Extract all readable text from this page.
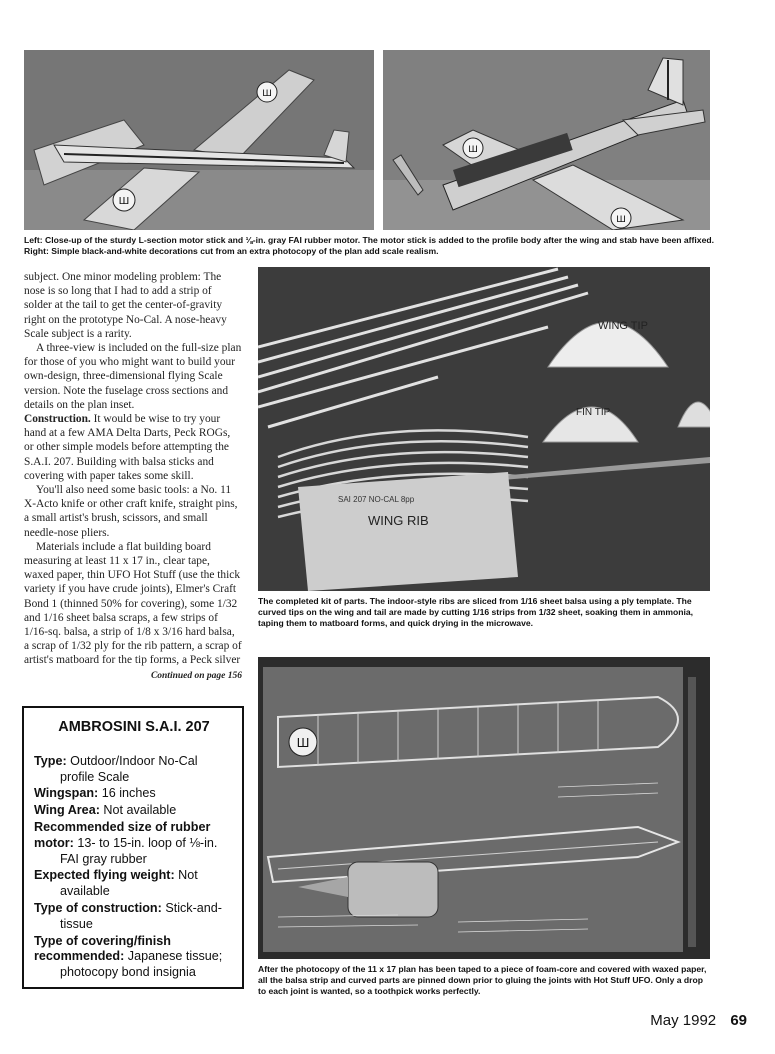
Ш
Ш
Ш
Ш

Left: Close-up of the sturdy L-section motor stick and ⅛-in. gray FAI rubber motor. The motor stick is added to the profile body after the wing and stab have been affixed. Right: Simple black-and-white decorations cut from an extra photocopy of the plan add scale realism.

subject. One minor modeling problem: The nose is so long that I had to add a strip of solder at the tail to get the center-of-gravity right on the prototype No-Cal. A nose-heavy Scale subject is a rarity.

A three-view is included on the full-size plan for those of you who might want to build your own-design, three-dimensional flying Scale version. Note the fuselage cross sections and details on the plan inset.

Construction. It would be wise to try your hand at a few AMA Delta Darts, Peck ROGs, or other simple models before attempting the S.A.I. 207. Building with balsa sticks and covering with paper takes some skill.

You'll also need some basic tools: a No. 11 X-Acto knife or other craft knife, straight pins, a small artist's brush, scissors, and small needle-nose pliers.

Materials include a flat building board measuring at least 11 x 17 in., clear tape, waxed paper, thin UFO Hot Stuff (use the thick variety if you have crude joints), Elmer's Craft Bond 1 (thinned 50% for covering), some 1/32 and 1/16 sheet balsa scraps, a few strips of 1/16-sq. balsa, a strip of 1/8 x 3/16 hard balsa, a scrap of 1/32 ply for the rib pattern, a scrap of artist's matboard for the tip forms, a Peck silver

Continued on page 156
WING TIP
FIN TIP
SAI 207 NO-CAL 8pp
WING RIB

The completed kit of parts. The indoor-style ribs are sliced from 1/16 sheet balsa using a ply template. The curved tips on the wing and tail are made by cutting 1/16 strips from 1/32 sheet, soaking them in ammonia, taping them to matboard forms, and quick drying in the microwave.

AMBROSINI S.A.I. 207
Type: Outdoor/Indoor No-Cal
profile Scale
Wingspan: 16 inches
Wing Area: Not available
Recommended size of rubber
motor: 13- to 15-in. loop of ⅛-in.
FAI gray rubber
Expected flying weight: Not
available
Type of construction: Stick-and-
tissue
Type of covering/finish
recommended: Japanese tissue;
photocopy bond insignia
Ш

After the photocopy of the 11 x 17 plan has been taped to a piece of foam-core and covered with waxed paper, all the balsa strip and curved parts are pinned down prior to gluing the joints with Hot Stuff UFO. Only a drop to each joint is wanted, so a toothpick works perfectly.

May 1992 69
